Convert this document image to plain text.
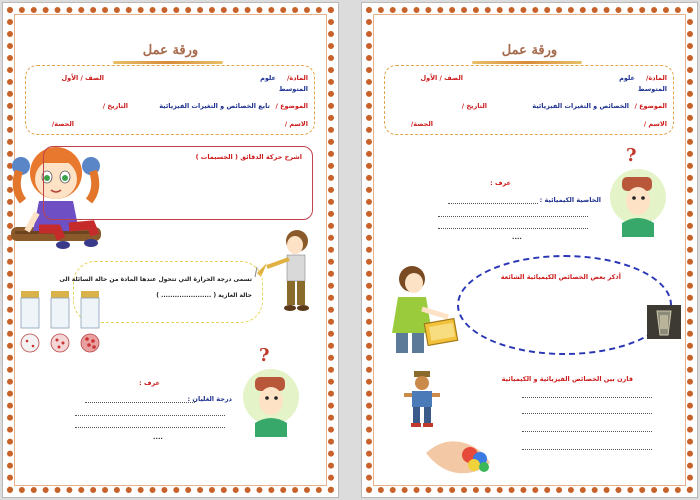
ورقة عمل
المادة/
علوم
الصف / الأول
المتوسط
الموضوع /
تابع الخصائص و التغيرات الفيزيائية
التاريخ /
الاسم /
الحصة/
اشرح حركة الدقائق ( الجسيمات )
تسمى درجة الحرارة التي تتحول عندها المادة من حالة السائلة الى
حالة الغازية ( ...................... )
?
عرف :
درجة الغليان :
....
ورقة عمل
المادة/
علوم
الصف / الأول
المتوسط
الموضوع /
الخصائص و التغيرات الفيزيائية
التاريخ /
الاسم /
الحصة/
?
عرف :
الخاصية الكيميائية :
....
أذكر بعض الخصائص الكيميائية الشائعة
قارن بين الخصائص الفيزيائية و الكيميائية
